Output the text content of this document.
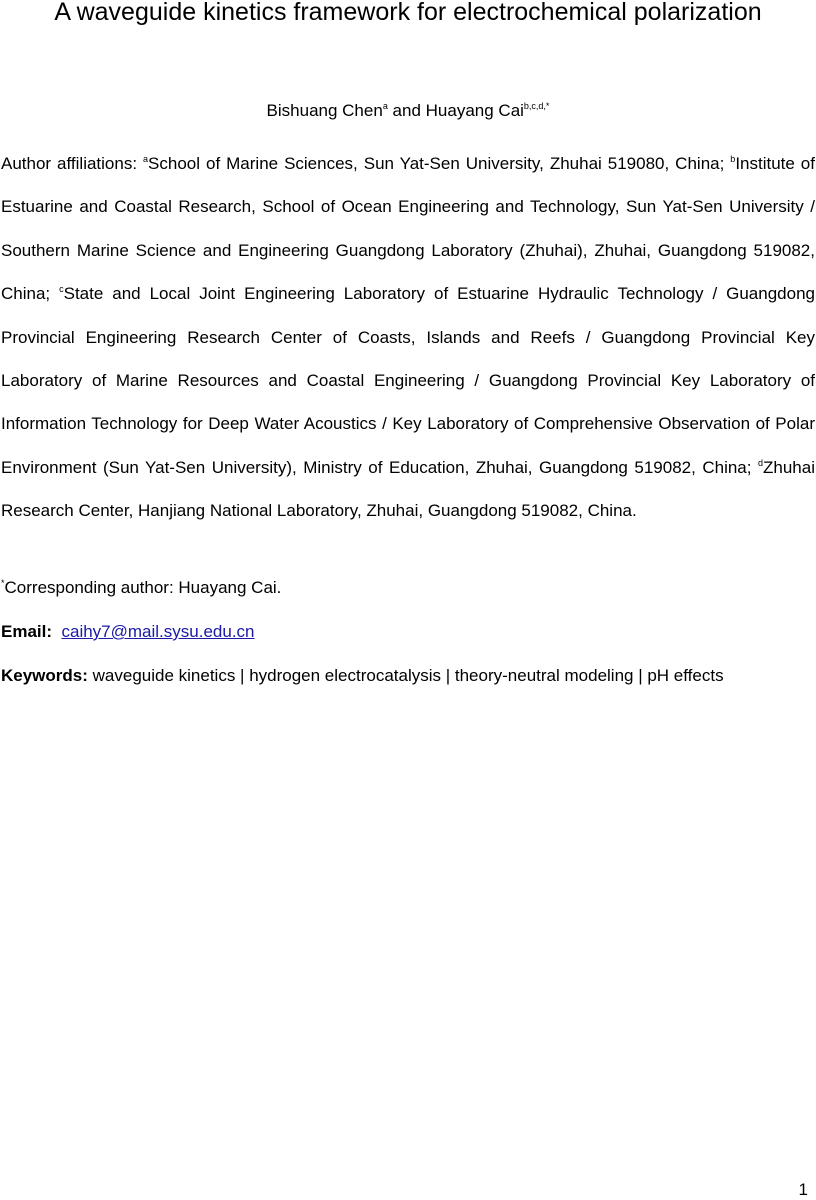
A waveguide kinetics framework for electrochemical polarization
Bishuang Chen$^a$ and Huayang Cai$^{b,c,d,*}$
Author affiliations: $^a$School of Marine Sciences, Sun Yat-Sen University, Zhuhai 519080, China; $^b$Institute of Estuarine and Coastal Research, School of Ocean Engineering and Technology, Sun Yat-Sen University / Southern Marine Science and Engineering Guangdong Laboratory (Zhuhai), Zhuhai, Guangdong 519082, China; $^c$State and Local Joint Engineering Laboratory of Estuarine Hydraulic Technology / Guangdong Provincial Engineering Research Center of Coasts, Islands and Reefs / Guangdong Provincial Key Laboratory of Marine Resources and Coastal Engineering / Guangdong Provincial Key Laboratory of Information Technology for Deep Water Acoustics / Key Laboratory of Comprehensive Observation of Polar Environment (Sun Yat-Sen University), Ministry of Education, Zhuhai, Guangdong 519082, China; $^d$Zhuhai Research Center, Hanjiang National Laboratory, Zhuhai, Guangdong 519082, China.
*Corresponding author: Huayang Cai.
Email: caihy7@mail.sysu.edu.cn
Keywords: waveguide kinetics | hydrogen electrocatalysis | theory-neutral modeling | pH effects
1
